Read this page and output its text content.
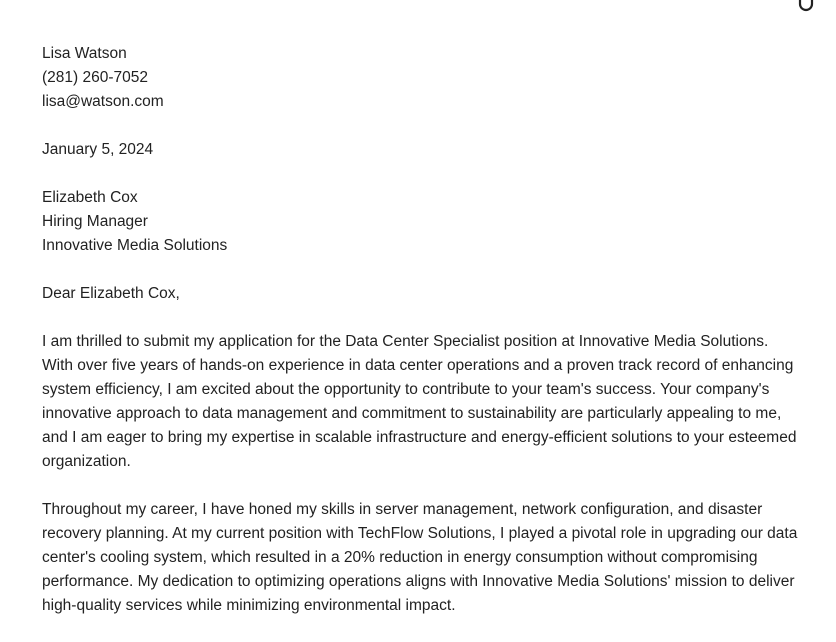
Lisa Watson
(281) 260-7052
lisa@watson.com
January 5, 2024
Elizabeth Cox
Hiring Manager
Innovative Media Solutions
Dear Elizabeth Cox,

I am thrilled to submit my application for the Data Center Specialist position at Innovative Media Solutions. With over five years of hands-on experience in data center operations and a proven track record of enhancing system efficiency, I am excited about the opportunity to contribute to your team's success. Your company's innovative approach to data management and commitment to sustainability are particularly appealing to me, and I am eager to bring my expertise in scalable infrastructure and energy-efficient solutions to your esteemed organization.

Throughout my career, I have honed my skills in server management, network configuration, and disaster recovery planning. At my current position with TechFlow Solutions, I played a pivotal role in upgrading our data center's cooling system, which resulted in a 20% reduction in energy consumption without compromising performance. My dedication to optimizing operations aligns with Innovative Media Solutions' mission to deliver high-quality services while minimizing environmental impact.
